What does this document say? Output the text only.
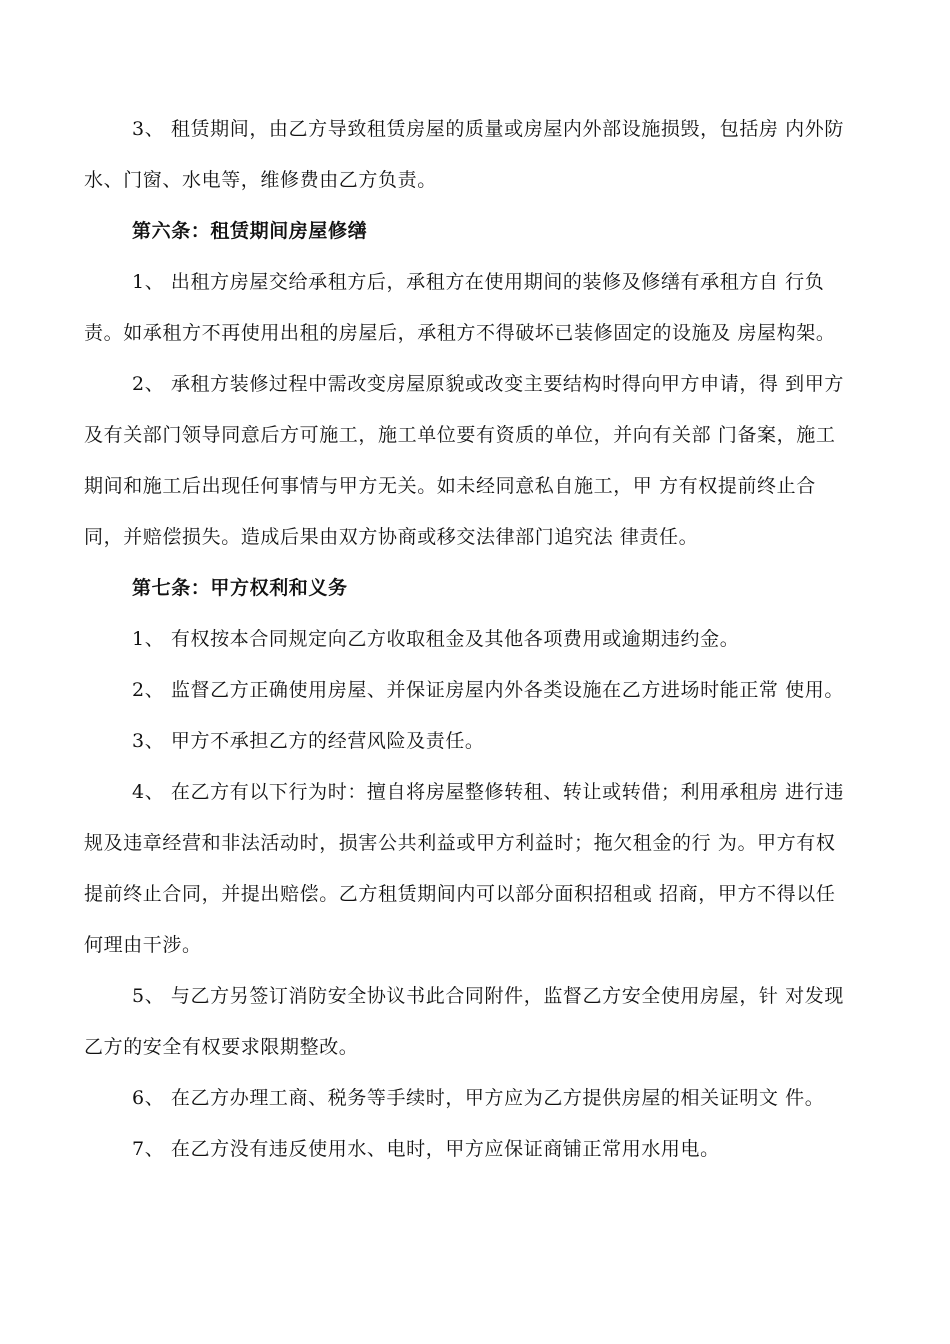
3、 租赁期间，由乙方导致租赁房屋的质量或房屋内外部设施损毁，包括房 内外防
水、门窗、水电等，维修费由乙方负责。

第六条：租赁期间房屋修缮

1、 出租方房屋交给承租方后，承租方在使用期间的装修及修缮有承租方自 行负
责。如承租方不再使用出租的房屋后，承租方不得破坏已装修固定的设施及 房屋构架。

2、 承租方装修过程中需改变房屋原貌或改变主要结构时得向甲方申请，得 到甲方
及有关部门领导同意后方可施工，施工单位要有资质的单位，并向有关部 门备案，施工
期间和施工后出现任何事情与甲方无关。如未经同意私自施工，甲 方有权提前终止合
同，并赔偿损失。造成后果由双方协商或移交法律部门追究法 律责任。

第七条：甲方权利和义务

1、 有权按本合同规定向乙方收取租金及其他各项费用或逾期违约金。

2、 监督乙方正确使用房屋、并保证房屋内外各类设施在乙方进场时能正常 使用。

3、 甲方不承担乙方的经营风险及责任。

4、 在乙方有以下行为时：擅自将房屋整修转租、转让或转借；利用承租房 进行违
规及违章经营和非法活动时，损害公共利益或甲方利益时；拖欠租金的行 为。甲方有权
提前终止合同，并提出赔偿。乙方租赁期间内可以部分面积招租或 招商，甲方不得以任
何理由干涉。

5、 与乙方另签订消防安全协议书此合同附件，监督乙方安全使用房屋，针 对发现
乙方的安全有权要求限期整改。

6、 在乙方办理工商、税务等手续时，甲方应为乙方提供房屋的相关证明文 件。

7、 在乙方没有违反使用水、电时，甲方应保证商铺正常用水用电。
